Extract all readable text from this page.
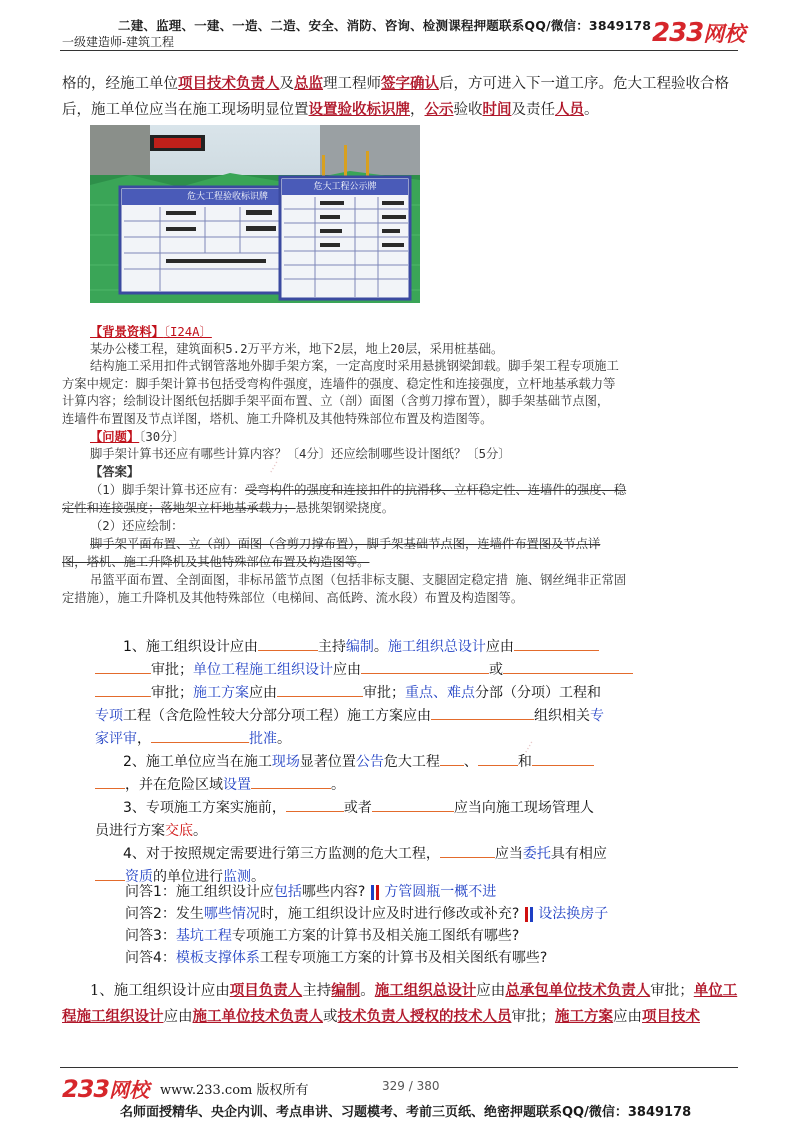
二建、监理、一建、一造、二造、安全、消防、咨询、检测课程押题联系QQ/微信：3849178
一级建造师-建筑工程	233网校
格的，经施工单位项目技术负责人及总监理工程师签字确认后，方可进入下一道工序。危大工程验收合格后，施工单位应当在施工现场明显位置设置验收标识牌，公示验收时间及责任人员。
危大工程验收标识牌
危大工程公示牌
【背景资料】〔I24A〕
某办公楼工程，建筑面积5.2万平方米，地下2层，地上20层，采用桩基础。
结构施工采用扣件式钢管落地外脚手架方案，一定高度时采用悬挑钢梁卸载。脚手架工程专项施工
方案中规定：脚手架计算书包括受弯构件强度，连墙件的强度、稳定性和连接强度，立杆地基承载力等
计算内容；绘制设计图纸包括脚手架平面布置、立（剖）面图（含剪刀撑布置），脚手架基础节点图，
连墙件布置图及节点详图，塔机、施工升降机及其他特殊部位布置及构造图等。
【问题】〔30分〕
脚手架计算书还应有哪些计算内容？〔4分〕还应绘制哪些设计图纸？〔5分〕
【答案】
（1）脚手架计算书还应有：受弯构件的强度和连接扣件的抗滑移、立杆稳定性、连墙件的强度、稳
定性和连接强度；落地架立杆地基承载力；悬挑架钢梁挠度。
（2）还应绘制：
脚手架平面布置、立（剖）面图（含剪刀撑布置），脚手架基础节点图，连墙件布置图及节点详
图，塔机、施工升降机及其他特殊部位布置及构造图等。
吊篮平面布置、全剖面图，非标吊篮节点图（包括非标支腿、支腿固定稳定措 施、钢丝绳非正常固
定措施），施工升降机及其他特殊部位（电梯间、高低跨、流水段）布置及构造图等。
····
····
1、施工组织设计应由	主持编制。施工组织总设计应由
审批；单位工程施工组织设计应由	或
审批；施工方案应由	审批；重点、难点分部（分项）工程和
专项工程（含危险性较大分部分项工程）施工方案应由	组织相关专
家评审，	批准。
2、施工单位应当在施工现场显著位置公告危大工程 、	和
，并在危险区域设置	。
3、专项施工方案实施前，	或者	应当向施工现场管理人
员进行方案交底。
4、对于按照规定需要进行第三方监测的危大工程，	应当委托具有相应
资质的单位进行监测。
问答1：施工组织设计应包括哪些内容? 方管圆瓶一概不进
问答2：发生哪些情况时，施工组织设计应及时进行修改或补充? 设法换房子
问答3：基坑工程专项施工方案的计算书及相关施工图纸有哪些?
问答4：模板支撑体系工程专项施工方案的计算书及相关图纸有哪些?
1、施工组织设计应由项目负责人主持编制。施工组织总设计应由总承包单位技术负责人审批；单位工程施工组织设计应由施工单位技术负责人或技术负责人授权的技术人员审批；施工方案应由项目技术
233网校 www.233.com 版权所有	329 / 380
名师面授精华、央企内训、考点串讲、习题模考、考前三页纸、绝密押题联系QQ/微信：3849178
